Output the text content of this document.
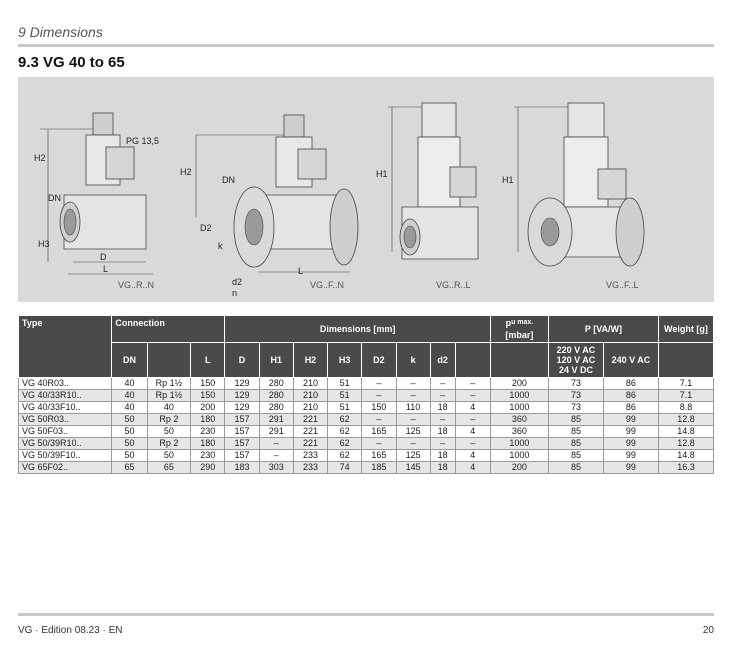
9 Dimensions
9.3 VG 40 to 65
PG 13,5
H2
DN
H3
D
L
VG..R..N
H2
DN
D2
k
d2
n
L
VG..F..N
H1
VG..R..L
H1
VG..F..L
Type	Connection			Dimensions [mm]								$p^{u max.}$
[mbar]	P [VA/W]		Weight [g]
	DN		L	D	H1	H2	H3	D2	k	d2			220 V AC 120 V AC 24 V DC	240 V AC	
VG 40R03..	40	Rp 1½	150	129	280	210	51	–	–	–	–	200	73	86	7.1
VG 40/33R10..	40	Rp 1½	150	129	280	210	51	–	–	–	–	1000	73	86	7.1
VG 40/33F10..	40	40	200	129	280	210	51	150	110	18	4	1000	73	86	8.8
VG 50R03..	50	Rp 2	180	157	291	221	62	–	–	–	–	360	85	99	12.8
VG 50F03..	50	50	230	157	291	221	62	165	125	18	4	360	85	99	14.8
VG 50/39R10..	50	Rp 2	180	157	–	221	62	–	–	–	–	1000	85	99	12.8
VG 50/39F10..	50	50	230	157	–	233	62	165	125	18	4	1000	85	99	14.8
VG 65F02..	65	65	290	183	303	233	74	185	145	18	4	200	85	99	16.3
VG · Edition 08.23 · EN	20
